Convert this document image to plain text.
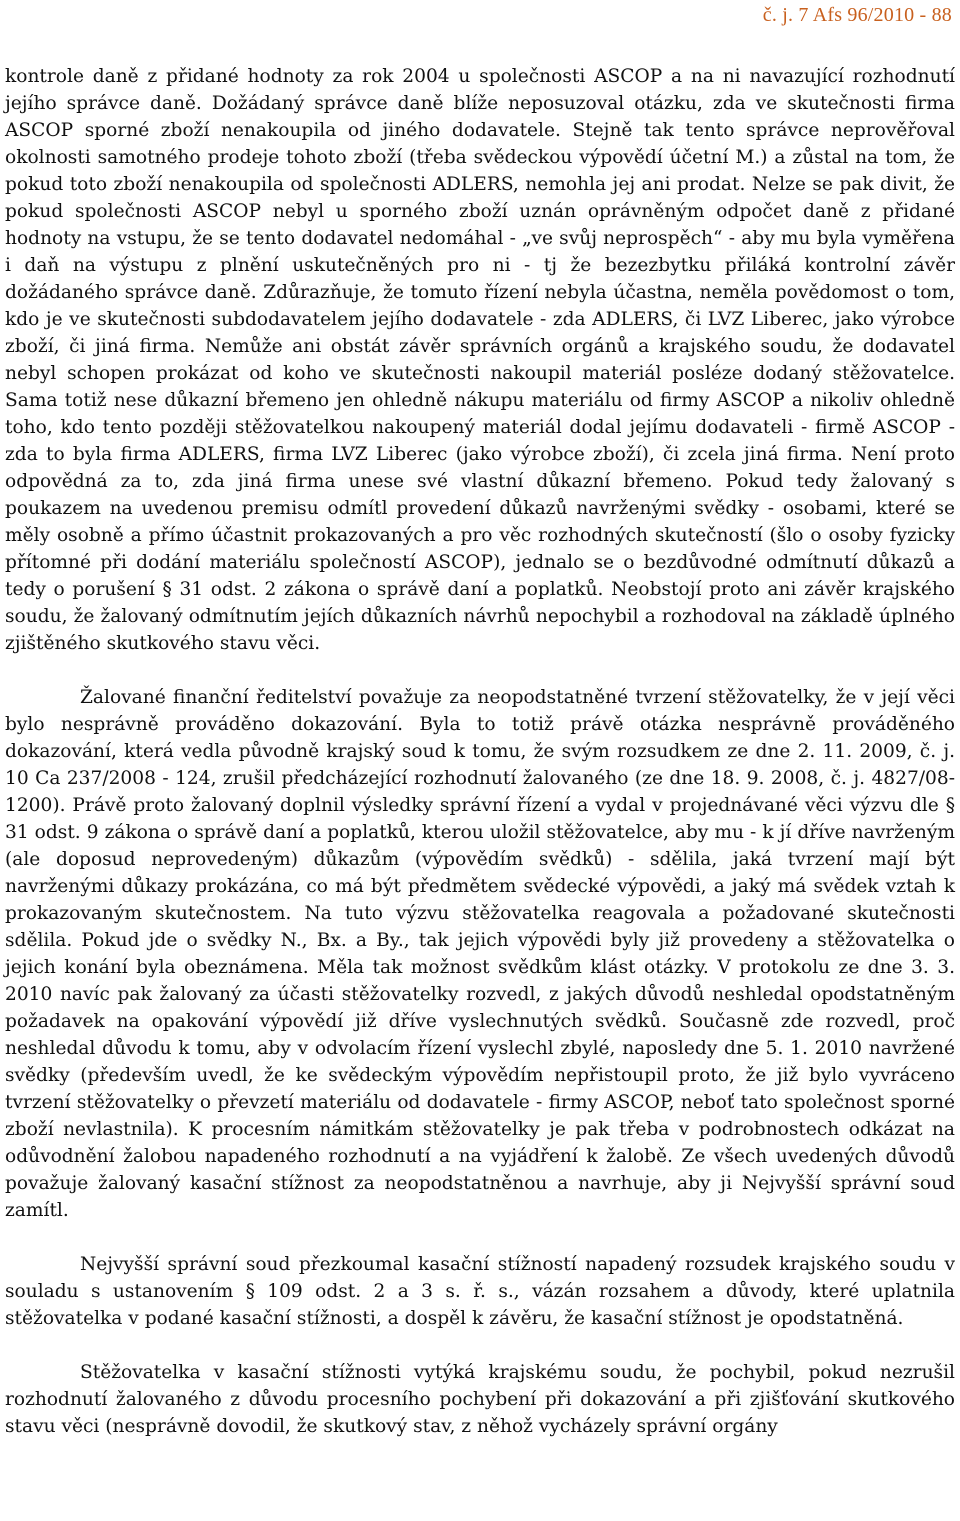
č. j. 7 Afs 96/2010 - 88

kontrole daně z přidané hodnoty za rok 2004 u společnosti ASCOP a na ni navazující rozhodnutí jejího správce daně. Dožádaný správce daně blíže neposuzoval otázku, zda ve skutečnosti firma ASCOP sporné zboží nenakoupila od jiného dodavatele. Stejně tak tento správce neprověřoval okolnosti samotného prodeje tohoto zboží (třeba svědeckou výpovědí účetní M.) a zůstal na tom, že pokud toto zboží nenakoupila od společnosti ADLERS, nemohla jej ani prodat. Nelze se pak divit, že pokud společnosti ASCOP nebyl u sporného zboží uznán oprávněným odpočet daně z přidané hodnoty na vstupu, že se tento dodavatel nedomáhal - „ve svůj neprospěch“ - aby mu byla vyměřena i daň na výstupu z plnění uskutečněných pro ni - tj že bezezbytku přiláká kontrolní závěr dožádaného správce daně. Zdůrazňuje, že tomuto řízení nebyla účastna, neměla povědomost o tom, kdo je ve skutečnosti subdodavatelem jejího dodavatele - zda ADLERS, či LVZ Liberec, jako výrobce zboží, či jiná firma. Nemůže ani obstát závěr správních orgánů a krajského soudu, že dodavatel nebyl schopen prokázat od koho ve skutečnosti nakoupil materiál posléze dodaný stěžovatelce. Sama totiž nese důkazní břemeno jen ohledně nákupu materiálu od firmy ASCOP a nikoliv ohledně toho, kdo tento později stěžovatelkou nakoupený materiál dodal jejímu dodavateli - firmě ASCOP - zda to byla firma ADLERS, firma LVZ Liberec (jako výrobce zboží), či zcela jiná firma. Není proto odpovědná za to, zda jiná firma unese své vlastní důkazní břemeno. Pokud tedy žalovaný s poukazem na uvedenou premisu odmítl provedení důkazů navrženými svědky - osobami, které se měly osobně a přímo účastnit prokazovaných a pro věc rozhodných skutečností (šlo o osoby fyzicky přítomné při dodání materiálu společností ASCOP), jednalo se o bezdůvodné odmítnutí důkazů a tedy o porušení § 31 odst. 2 zákona o správě daní a poplatků. Neobstojí proto ani závěr krajského soudu, že žalovaný odmítnutím jejích důkazních návrhů nepochybil a rozhodoval na základě úplného zjištěného skutkového stavu věci.

Žalované finanční ředitelství považuje za neopodstatněné tvrzení stěžovatelky, že v její věci bylo nesprávně prováděno dokazování. Byla to totiž právě otázka nesprávně prováděného dokazování, která vedla původně krajský soud k tomu, že svým rozsudkem ze dne 2. 11. 2009, č. j. 10 Ca 237/2008 - 124, zrušil předcházející rozhodnutí žalovaného (ze dne 18. 9. 2008, č. j. 4827/08-1200). Právě proto žalovaný doplnil výsledky správní řízení a vydal v projednávané věci výzvu dle § 31 odst. 9 zákona o správě daní a poplatků, kterou uložil stěžovatelce, aby mu - k jí dříve navrženým (ale doposud neprovedeným) důkazům (výpovědím svědků) - sdělila, jaká tvrzení mají být navrženými důkazy prokázána, co má být předmětem svědecké výpovědi, a jaký má svědek vztah k prokazovaným skutečnostem. Na tuto výzvu stěžovatelka reagovala a požadované skutečnosti sdělila. Pokud jde o svědky N., Bx. a By., tak jejich výpovědi byly již provedeny a stěžovatelka o jejich konání byla obeznámena. Měla tak možnost svědkům klást otázky. V protokolu ze dne 3. 3. 2010 navíc pak žalovaný za účasti stěžovatelky rozvedl, z jakých důvodů neshledal opodstatněným požadavek na opakování výpovědí již dříve vyslechnutých svědků. Současně zde rozvedl, proč neshledal důvodu k tomu, aby v odvolacím řízení vyslechl zbylé, naposledy dne 5. 1. 2010 navržené svědky (především uvedl, že ke svědeckým výpovědím nepřistoupil proto, že již bylo vyvráceno tvrzení stěžovatelky o převzetí materiálu od dodavatele - firmy ASCOP, neboť tato společnost sporné zboží nevlastnila). K procesním námitkám stěžovatelky je pak třeba v podrobnostech odkázat na odůvodnění žalobou napadeného rozhodnutí a na vyjádření k žalobě. Ze všech uvedených důvodů považuje žalovaný kasační stížnost za neopodstatněnou a navrhuje, aby ji Nejvyšší správní soud zamítl.

Nejvyšší správní soud přezkoumal kasační stížností napadený rozsudek krajského soudu v souladu s ustanovením § 109 odst. 2 a 3 s. ř. s., vázán rozsahem a důvody, které uplatnila stěžovatelka v podané kasační stížnosti, a dospěl k závěru, že kasační stížnost je opodstatněná.

Stěžovatelka v kasační stížnosti vytýká krajskému soudu, že pochybil, pokud nezrušil rozhodnutí žalovaného z důvodu procesního pochybení při dokazování a při zjišťování skutkového stavu věci (nesprávně dovodil, že skutkový stav, z něhož vycházely správní orgány
